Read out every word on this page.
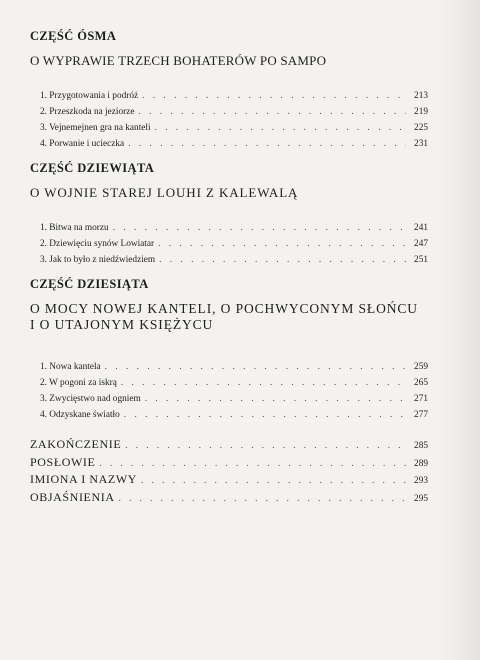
CZĘŚĆ ÓSMA
O WYPRAWIE TRZECH BOHATERÓW PO SAMPO
1. Przygotowania i podróż . . .	213
2. Przeszkoda na jeziorze . . .	219
3. Vejnemejnen gra na kanteli . . .	225
4. Porwanie i ucieczka . . .	231
CZĘŚĆ DZIEWIĄTA
O WOJNIE STAREJ LOUHI Z KALEWALĄ
1. Bitwa na morzu . . .	241
2. Dziewięciu synów Lowiatar . . .	247
3. Jak to było z niedźwiedziem . . .	251
CZĘŚĆ DZIESIĄTA
O MOCY NOWEJ KANTELI, O POCHWYCONYM SŁOŃCU
I O UTAJONYM KSIĘŻYCU
1. Nowa kantela . . .	259
2. W pogoni za iskrą . . .	265
3. Zwycięstwo nad ogniem . . .	271
4. Odzyskane światło . . .	277
ZAKOŃCZENIE . . .	285
POSŁOWIE . . .	289
IMIONA I NAZWY . . .	293
OBJAŚNIENIA . . .	295
